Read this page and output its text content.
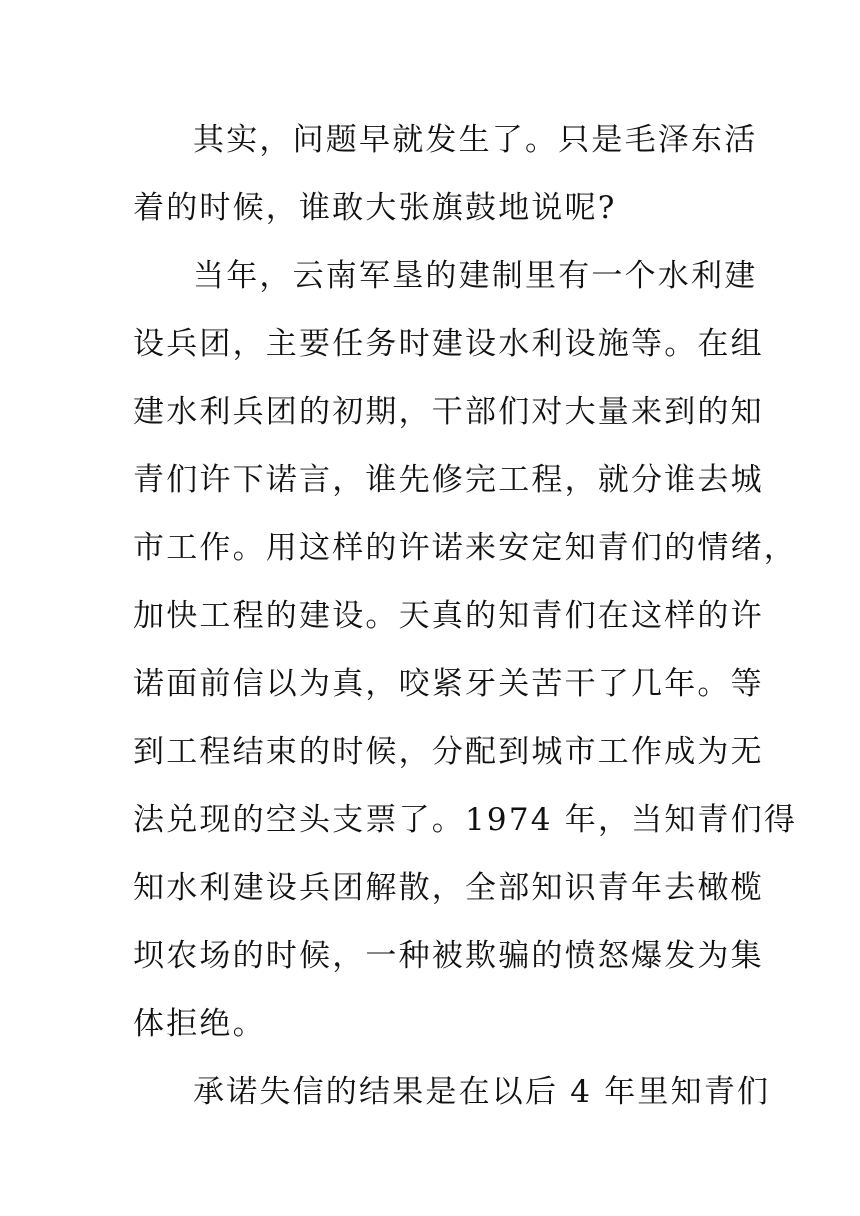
其实，问题早就发生了。只是毛泽东活

着的时候，谁敢大张旗鼓地说呢?

当年，云南军垦的建制里有一个水利建

设兵团，主要任务时建设水利设施等。在组

建水利兵团的初期，干部们对大量来到的知

青们许下诺言，谁先修完工程，就分谁去城

市工作。用这样的许诺来安定知青们的情绪，

加快工程的建设。天真的知青们在这样的许

诺面前信以为真，咬紧牙关苦干了几年。等

到工程结束的时候，分配到城市工作成为无

法兑现的空头支票了。1974 年，当知青们得

知水利建设兵团解散，全部知识青年去橄榄

坝农场的时候，一种被欺骗的愤怒爆发为集

体拒绝。

承诺失信的结果是在以后 4 年里知青们
